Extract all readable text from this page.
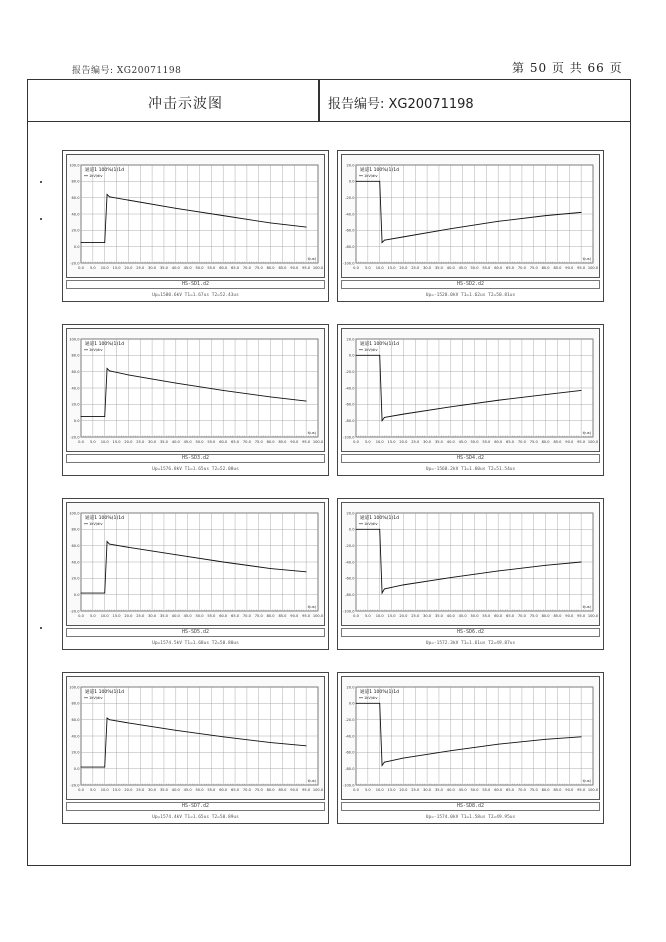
报告编号: XG20071198	第 50 页 共 66 页
冲击示波图	报告编号: XG20071198
0.0 5.0 10.0 15.0 20.0 25.0 30.0 35.0 40.0 45.0 50.0 55.0 60.0 65.0 70.0 75.0 80.0 85.0 90.0 95.0 100.0
100.0
80.0
60.0
40.0
20.0
0.0
-20.0
通道1 100%(1)1d
1kV/div
t(us)
HS-SD1.d2
Up=1580.6kV T1=1.67us T2=52.43us
0.0 5.0 10.0 15.0 20.0 25.0 30.0 35.0 40.0 45.0 50.0 55.0 60.0 65.0 70.0 75.0 80.0 85.0 90.0 95.0 100.0
20.0
0.0
-20.0
-40.0
-60.0
-80.0
-100.0
通道1 100%(1)1d
1kV/div
t(us)
HS-SD2.d2
Up=-1528.0kV T1=1.62us T2=50.81us
0.0 5.0 10.0 15.0 20.0 25.0 30.0 35.0 40.0 45.0 50.0 55.0 60.0 65.0 70.0 75.0 80.0 85.0 90.0 95.0 100.0
100.0
80.0
60.0
40.0
20.0
0.0
-20.0
通道1 100%(1)1d
1kV/div
t(us)
HS-SD3.d2
Up=1576.8kV T1=1.65us T2=52.08us
0.0 5.0 10.0 15.0 20.0 25.0 30.0 35.0 40.0 45.0 50.0 55.0 60.0 65.0 70.0 75.0 80.0 85.0 90.0 95.0 100.0
20.0
0.0
-20.0
-40.0
-60.0
-80.0
-100.0
通道1 100%(1)1d
1kV/div
t(us)
HS-SD4.d2
Up=-1568.2kV T1=1.60us T2=51.54us
0.0 5.0 10.0 15.0 20.0 25.0 30.0 35.0 40.0 45.0 50.0 55.0 60.0 65.0 70.0 75.0 80.0 85.0 90.0 95.0 100.0
100.0
80.0
60.0
40.0
20.0
0.0
-20.0
通道1 100%(1)1d
1kV/div
t(us)
HS-SD5.d2
Up=1574.5kV T1=1.68us T2=50.80us
0.0 5.0 10.0 15.0 20.0 25.0 30.0 35.0 40.0 45.0 50.0 55.0 60.0 65.0 70.0 75.0 80.0 85.0 90.0 95.0 100.0
20.0
0.0
-20.0
-40.0
-60.0
-80.0
-100.0
通道1 100%(1)1d
1kV/div
t(us)
HS-SD6.d2
Up=-1572.3kV T1=1.61us T2=49.87us
0.0 5.0 10.0 15.0 20.0 25.0 30.0 35.0 40.0 45.0 50.0 55.0 60.0 65.0 70.0 75.0 80.0 85.0 90.0 95.0 100.0
100.0
80.0
60.0
40.0
20.0
0.0
-20.0
通道1 100%(1)1d
1kV/div
t(us)
HS-SD7.d2
Up=1574.4kV T1=1.65us T2=50.89us
0.0 5.0 10.0 15.0 20.0 25.0 30.0 35.0 40.0 45.0 50.0 55.0 60.0 65.0 70.0 75.0 80.0 85.0 90.0 95.0 100.0
20.0
0.0
-20.0
-40.0
-60.0
-80.0
-100.0
通道1 100%(1)1d
1kV/div
t(us)
HS-SD8.d2
Up=-1574.0kV T1=1.58us T2=49.95us
